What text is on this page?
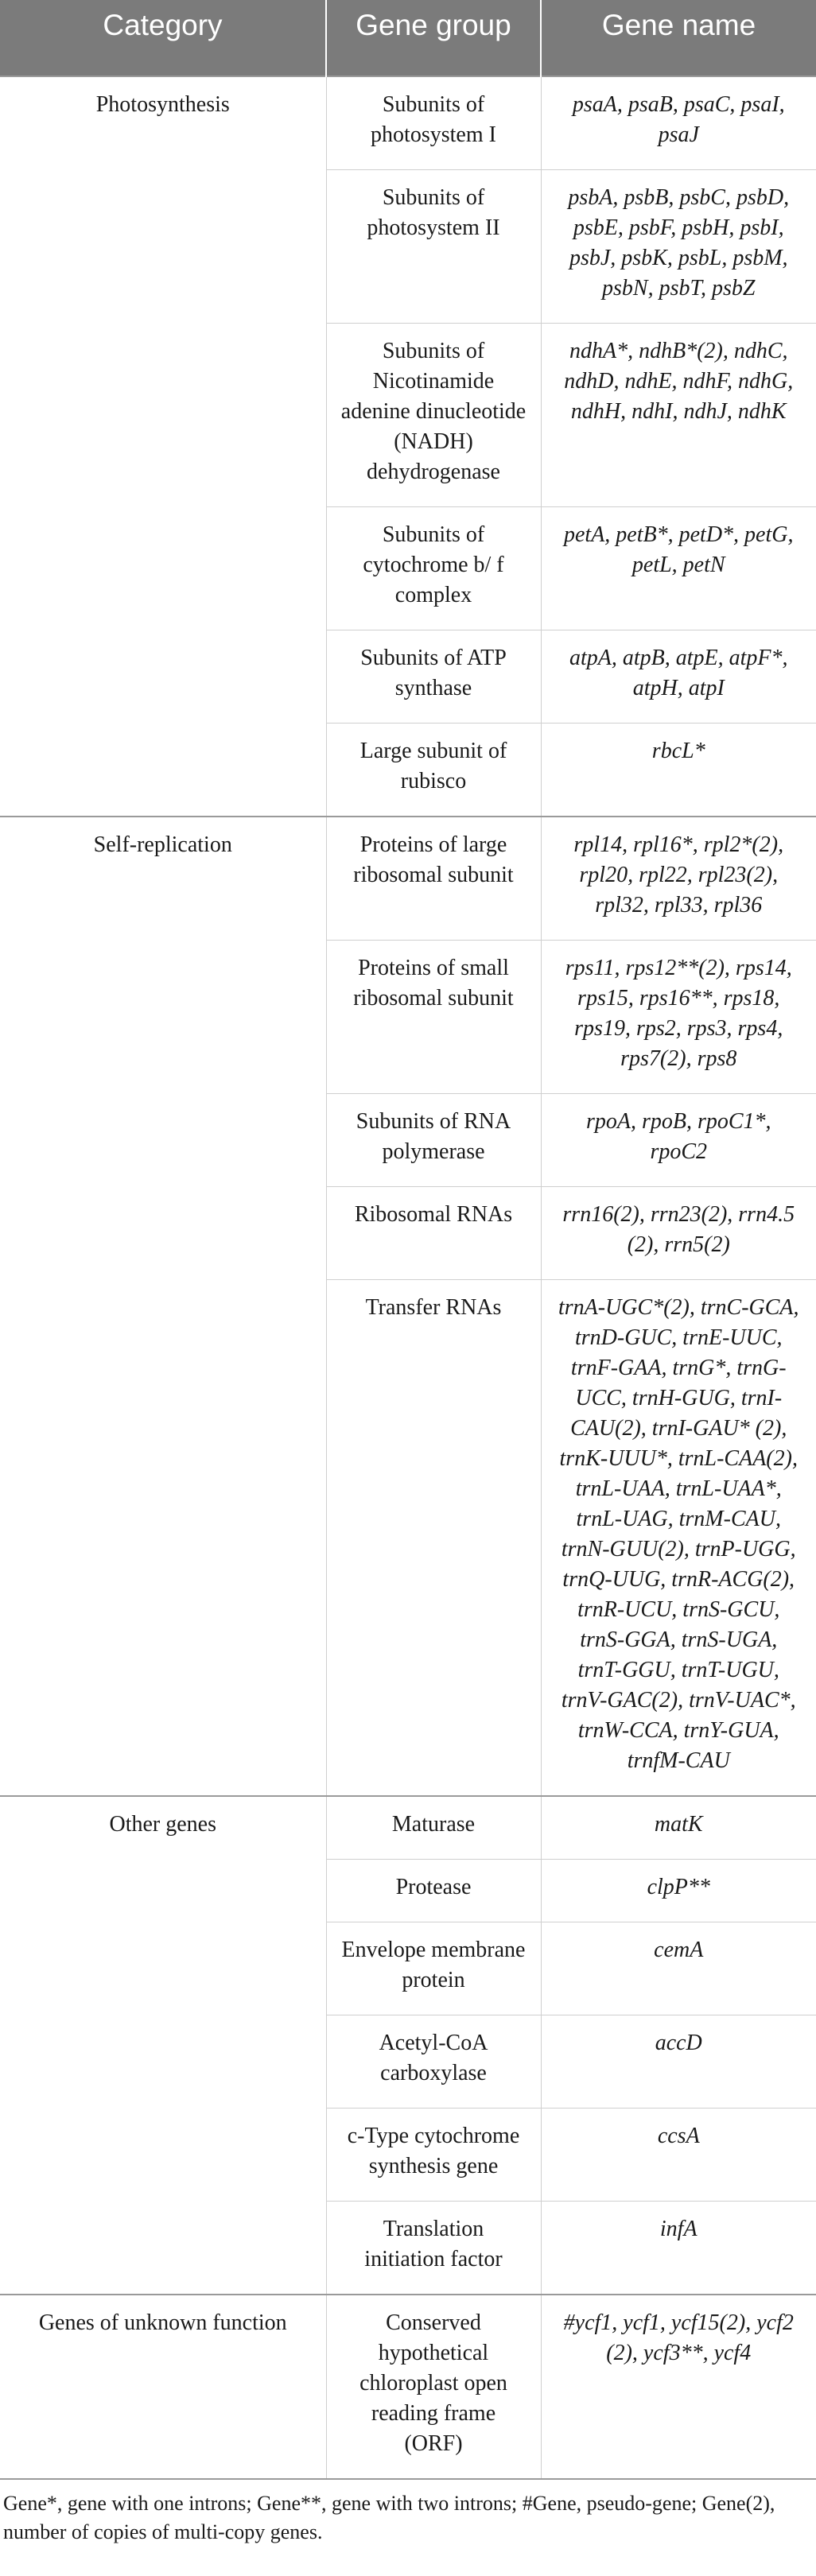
Category	Gene group	Gene name
Photosynthesis	Subunits of photosystem I	psaA, psaB, psaC, psaI, psaJ
	Subunits of photosystem II	psbA, psbB, psbC, psbD, psbE, psbF, psbH, psbI, psbJ, psbK, psbL, psbM, psbN, psbT, psbZ
	Subunits of Nicotinamide adenine dinucleotide (NADH) dehydrogenase	ndhA*, ndhB*(2), ndhC, ndhD, ndhE, ndhF, ndhG, ndhH, ndhI, ndhJ, ndhK
	Subunits of cytochrome b/ f complex	petA, petB*, petD*, petG, petL, petN
	Subunits of ATP synthase	atpA, atpB, atpE, atpF*, atpH, atpI
	Large subunit of rubisco	rbcL*
Self-replication	Proteins of large ribosomal subunit	rpl14, rpl16*, rpl2*(2), rpl20, rpl22, rpl23(2), rpl32, rpl33, rpl36
	Proteins of small ribosomal subunit	rps11, rps12**(2), rps14, rps15, rps16**, rps18, rps19, rps2, rps3, rps4, rps7(2), rps8
	Subunits of RNA polymerase	rpoA, rpoB, rpoC1*, rpoC2
	Ribosomal RNAs	rrn16(2), rrn23(2), rrn4.5 (2), rrn5(2)
	Transfer RNAs	trnA-UGC*(2), trnC-GCA, trnD-GUC, trnE-UUC, trnF-GAA, trnG*, trnG-UCC, trnH-GUG, trnI-CAU(2), trnI-GAU* (2), trnK-UUU*, trnL-CAA(2), trnL-UAA, trnL-UAA*, trnL-UAG, trnM-CAU, trnN-GUU(2), trnP-UGG, trnQ-UUG, trnR-ACG(2), trnR-UCU, trnS-GCU, trnS-GGA, trnS-UGA, trnT-GGU, trnT-UGU, trnV-GAC(2), trnV-UAC*, trnW-CCA, trnY-GUA, trnfM-CAU
Other genes	Maturase	matK
	Protease	clpP**
	Envelope membrane protein	cemA
	Acetyl-CoA carboxylase	accD
	c-Type cytochrome synthesis gene	ccsA
	Translation initiation factor	infA
Genes of unknown function	Conserved hypothetical chloroplast open reading frame (ORF)	#ycf1, ycf1, ycf15(2), ycf2 (2), ycf3**, ycf4
Gene*, gene with one introns; Gene**, gene with two introns; #Gene, pseudo-gene; Gene(2), number of copies of multi-copy genes.
